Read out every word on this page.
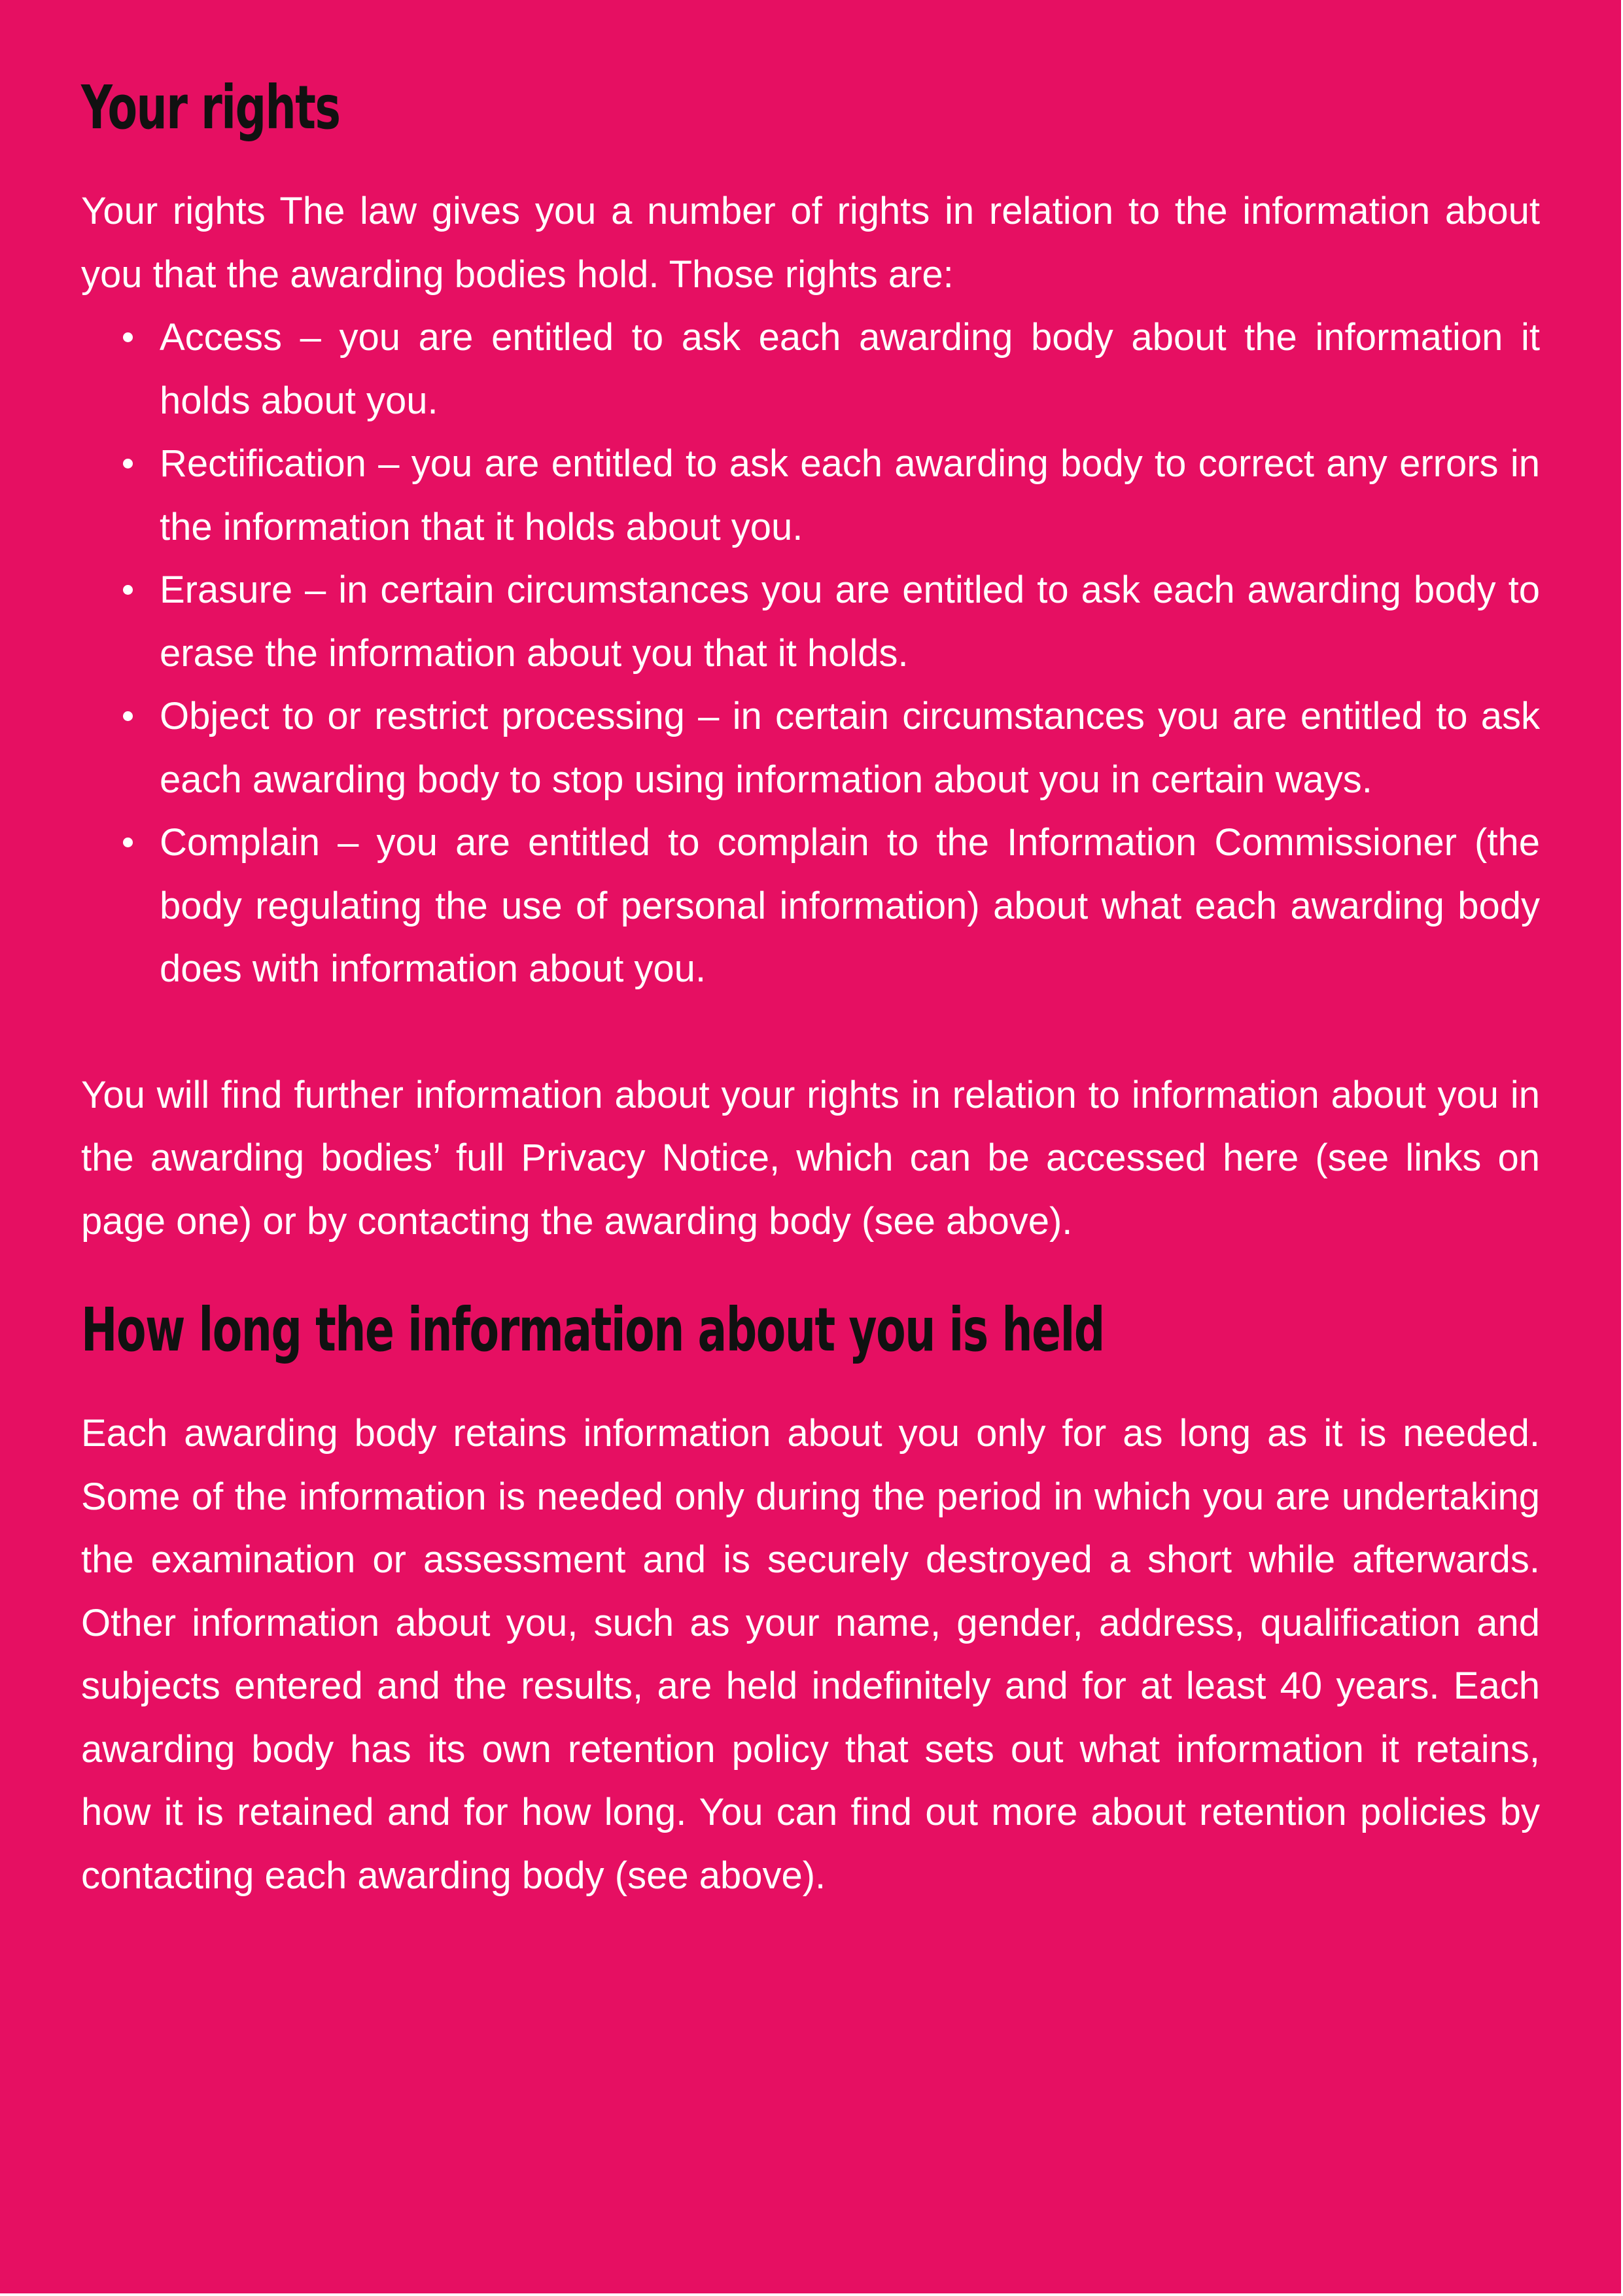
Your rights

Your rights The law gives you a number of rights in relation to the information about you that the awarding bodies hold. Those rights are:

Access – you are entitled to ask each awarding body about the information it holds about you.
Rectification – you are entitled to ask each awarding body to correct any errors in the information that it holds about you.
Erasure – in certain circumstances you are entitled to ask each awarding body to erase the information about you that it holds.
Object to or restrict processing – in certain circumstances you are entitled to ask each awarding body to stop using information about you in certain ways.
Complain – you are entitled to complain to the Information Commissioner (the body regulating the use of personal information) about what each awarding body does with information about you.

You will find further information about your rights in relation to information about you in the awarding bodies’ full Privacy Notice, which can be accessed here (see links on page one) or by contacting the awarding body (see above).

How long the information about you is held

Each awarding body retains information about you only for as long as it is needed. Some of the information is needed only during the period in which you are undertaking the examination or assessment and is securely destroyed a short while afterwards. Other information about you, such as your name, gender, address, qualification and subjects entered and the results, are held indefinitely and for at least 40 years. Each awarding body has its own retention policy that sets out what information it retains, how it is retained and for how long. You can find out more about retention policies by contacting each awarding body (see above).
